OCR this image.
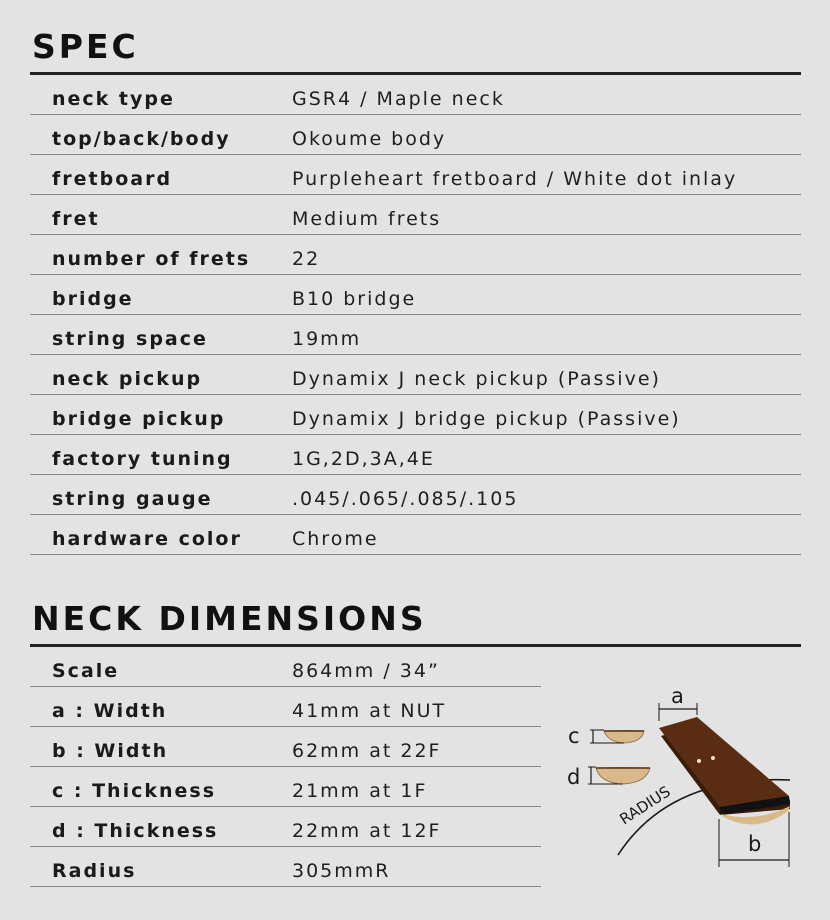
SPEC
neck type	GSR4 / Maple neck
top/back/body	Okoume body
fretboard	Purpleheart fretboard / White dot inlay
fret	Medium frets
number of frets 22
bridge	B10 bridge
string space	19mm
neck pickup	Dynamix J neck pickup (Passive)
bridge pickup	Dynamix J bridge pickup (Passive)
factory tuning	1G,2D,3A,4E
string gauge	.045/.065/.085/.105
hardware color	Chrome
NECK DIMENSIONS
Scale	864mm / 34”
a : Width	41mm at NUT
b : Width	62mm at 22F
c : Thickness	21mm at 1F
d : Thickness	22mm at 12F
Radius	305mmR
c
d
a
b
RADIUS
